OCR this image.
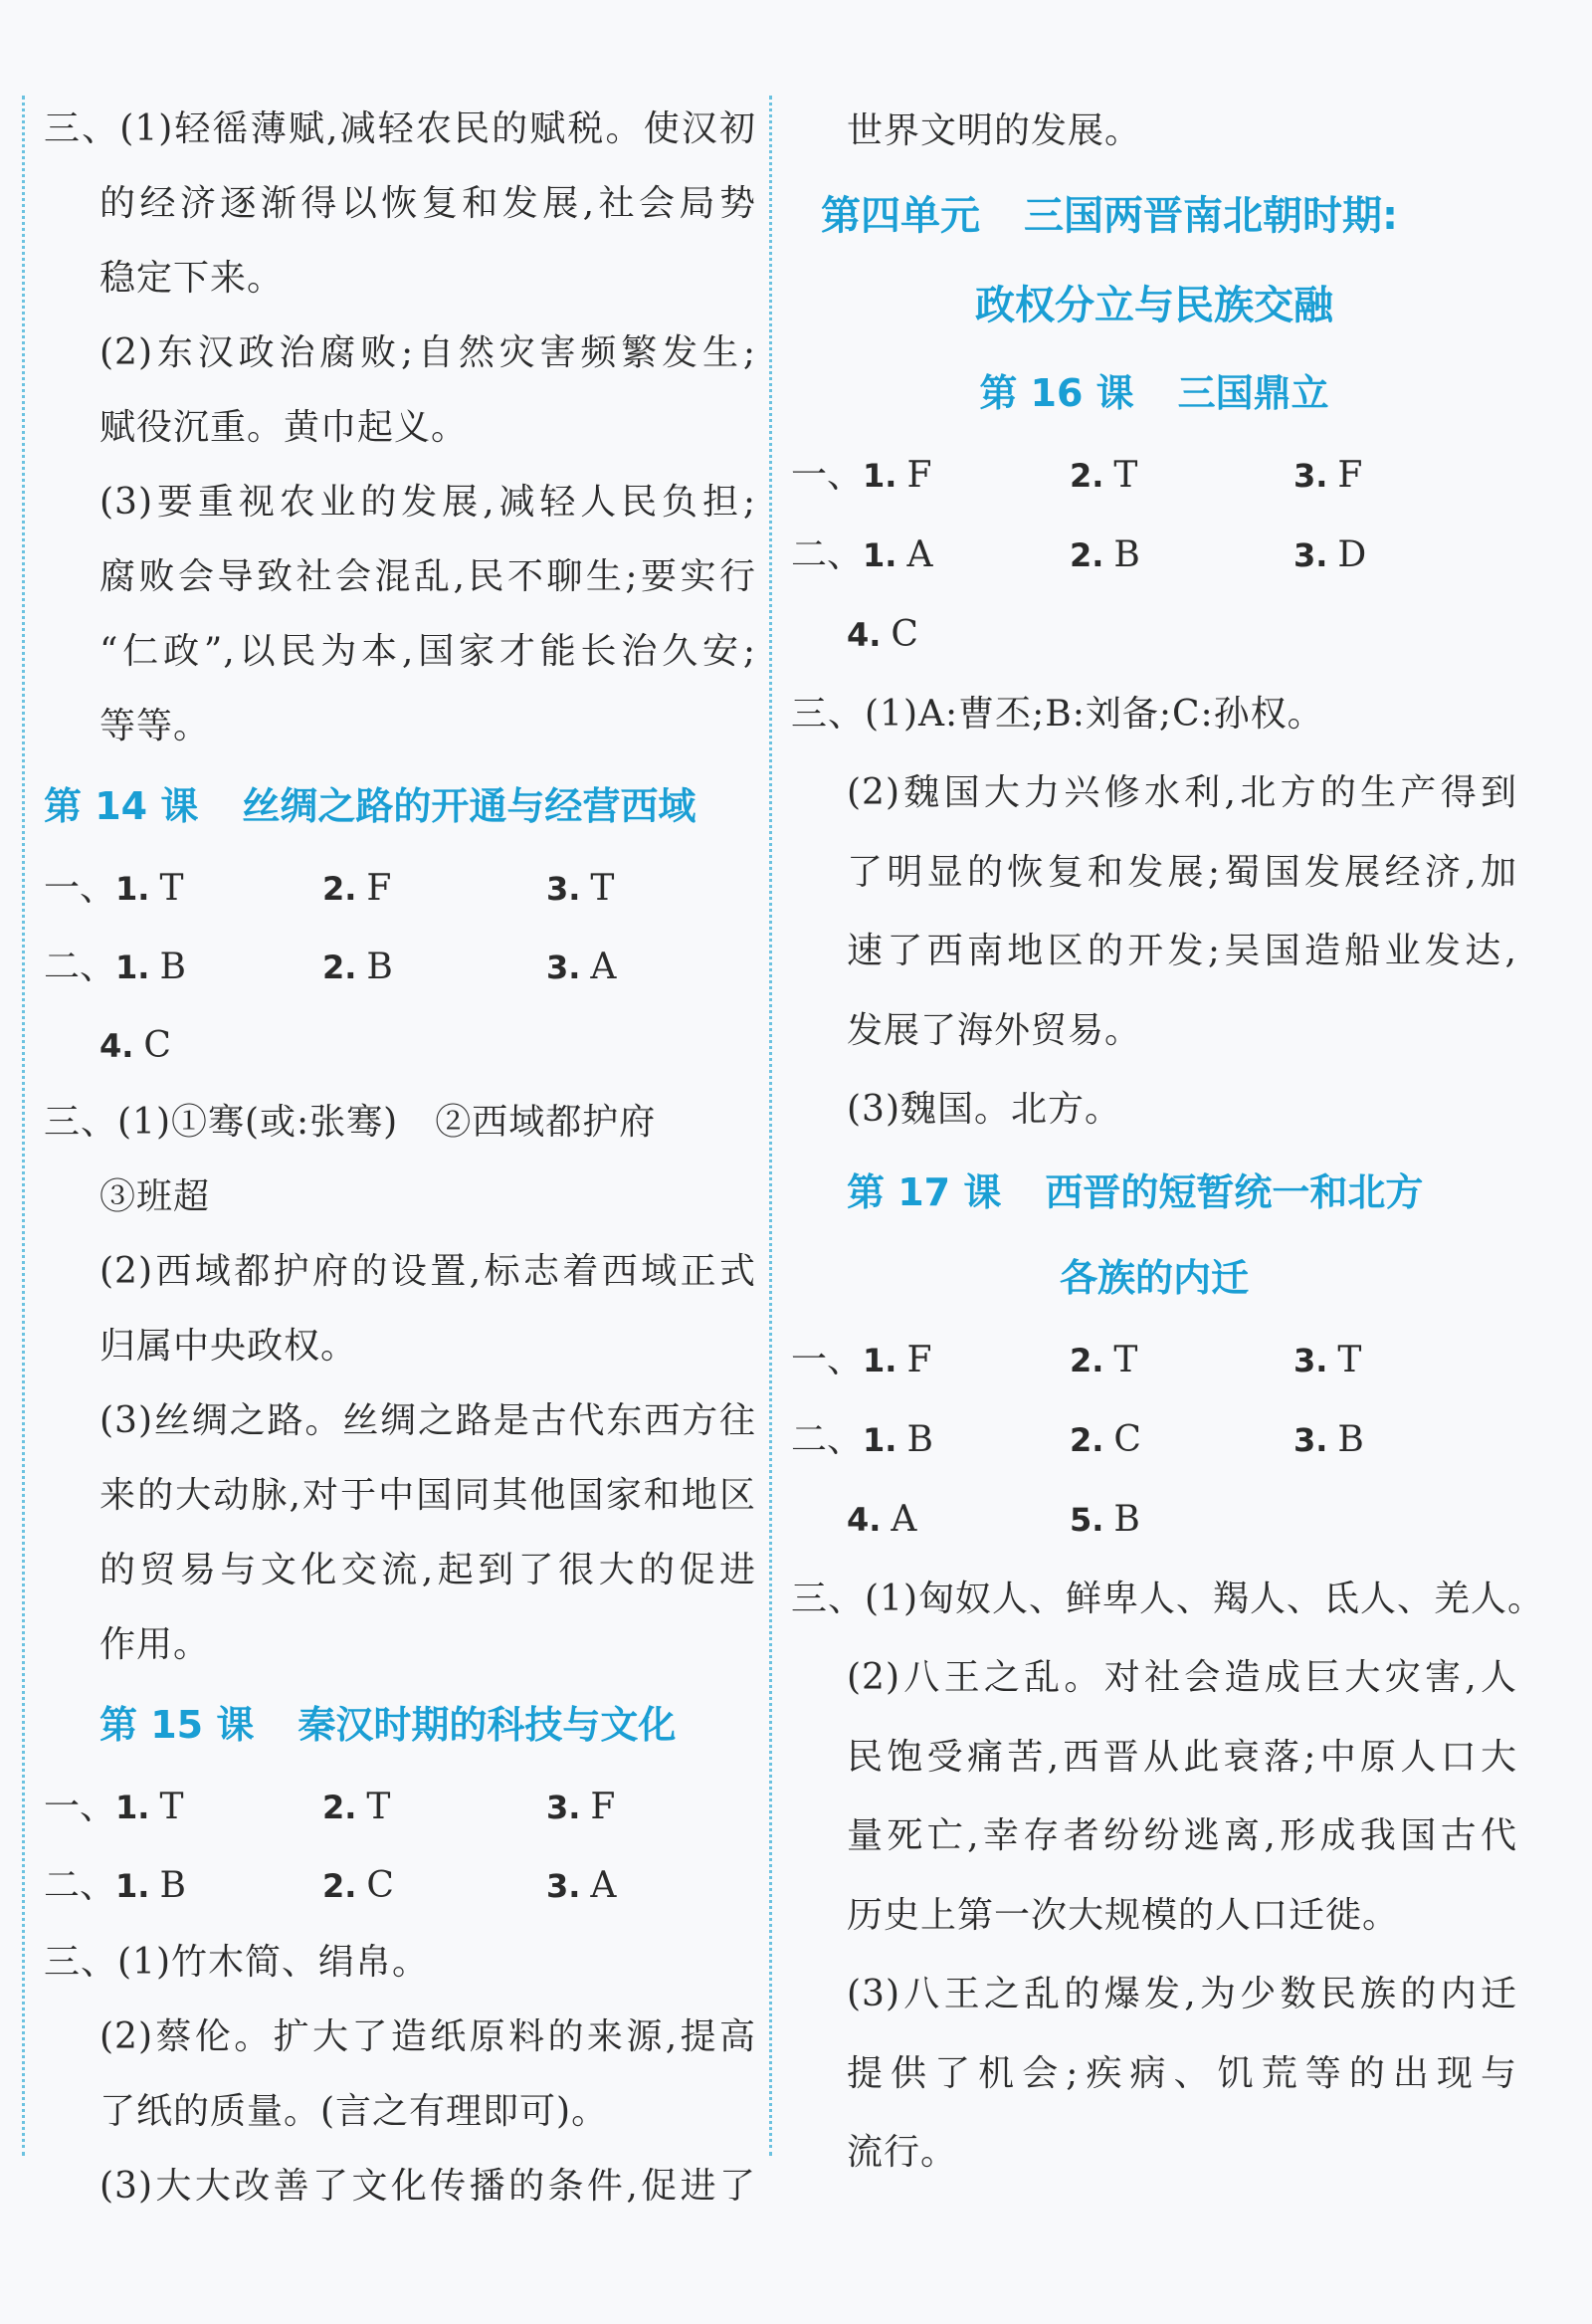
三、(1)轻徭薄赋,减轻农民的赋税。使汉初
的经济逐渐得以恢复和发展,社会局势
稳定下来。
(2)东汉政治腐败;自然灾害频繁发生;
赋役沉重。黄巾起义。
(3)要重视农业的发展,减轻人民负担;
腐败会导致社会混乱,民不聊生;要实行
“仁政”,以民为本,国家才能长治久安;
等等。
第 14 课 丝绸之路的开通与经营西域
一、1. T	2. F	3. T
二、1. B	2. B	3. A
4. C
三、(1)①骞(或:张骞)　②西域都护府
③班超
(2)西域都护府的设置,标志着西域正式
归属中央政权。
(3)丝绸之路。丝绸之路是古代东西方往
来的大动脉,对于中国同其他国家和地区
的贸易与文化交流,起到了很大的促进
作用。
第 15 课 秦汉时期的科技与文化
一、1. T	2. T	3. F
二、1. B	2. C	3. A
三、(1)竹木简、绢帛。
(2)蔡伦。扩大了造纸原料的来源,提高
了纸的质量。(言之有理即可)。
(3)大大改善了文化传播的条件,促进了
世界文明的发展。
第四单元 三国两晋南北朝时期:
政权分立与民族交融
第 16 课 三国鼎立
一、1. F	2. T	3. F
二、1. A	2. B	3. D
4. C
三、(1)A:曹丕;B:刘备;C:孙权。
(2)魏国大力兴修水利,北方的生产得到
了明显的恢复和发展;蜀国发展经济,加
速了西南地区的开发;吴国造船业发达,
发展了海外贸易。
(3)魏国。北方。
第 17 课 西晋的短暂统一和北方
各族的内迁
一、1. F	2. T	3. T
二、1. B	2. C	3. B
4. A	5. B
三、(1)匈奴人、鲜卑人、羯人、氐人、羌人。
(2)八王之乱。对社会造成巨大灾害,人
民饱受痛苦,西晋从此衰落;中原人口大
量死亡,幸存者纷纷逃离,形成我国古代
历史上第一次大规模的人口迁徙。
(3)八王之乱的爆发,为少数民族的内迁
提供了机会;疾病、饥荒等的出现与
流行。
